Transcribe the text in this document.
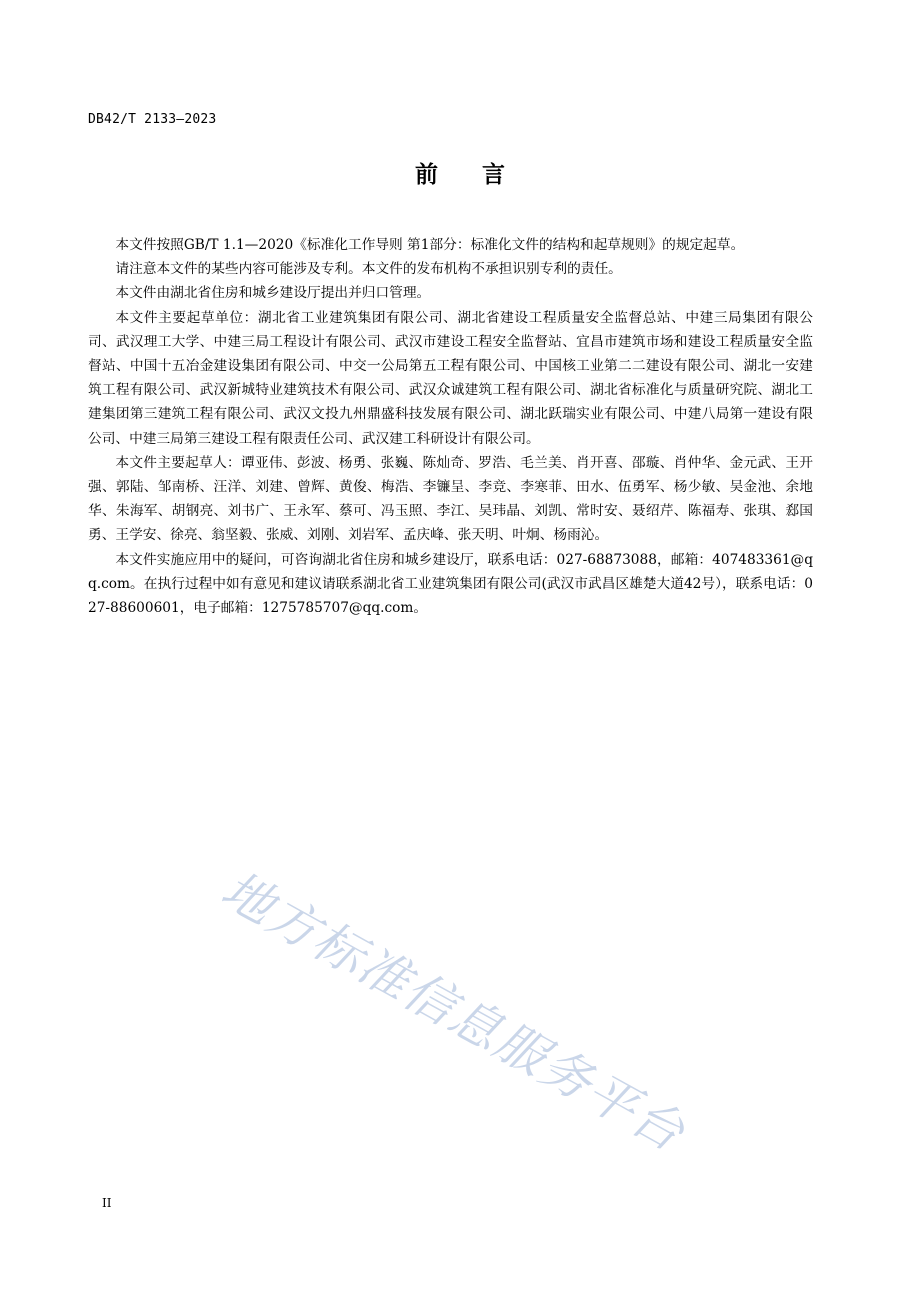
DB42/T 2133—2023
前言

本文件按照GB/T 1.1—2020《标准化工作导则 第1部分：标准化文件的结构和起草规则》的规定起草。

请注意本文件的某些内容可能涉及专利。本文件的发布机构不承担识别专利的责任。

本文件由湖北省住房和城乡建设厅提出并归口管理。

本文件主要起草单位：湖北省工业建筑集团有限公司、湖北省建设工程质量安全监督总站、中建三局集团有限公司、武汉理工大学、中建三局工程设计有限公司、武汉市建设工程安全监督站、宜昌市建筑市场和建设工程质量安全监督站、中国十五冶金建设集团有限公司、中交一公局第五工程有限公司、中国核工业第二二建设有限公司、湖北一安建筑工程有限公司、武汉新城特业建筑技术有限公司、武汉众诚建筑工程有限公司、湖北省标准化与质量研究院、湖北工建集团第三建筑工程有限公司、武汉文投九州鼎盛科技发展有限公司、湖北跃瑞实业有限公司、中建八局第一建设有限公司、中建三局第三建设工程有限责任公司、武汉建工科研设计有限公司。

本文件主要起草人：谭亚伟、彭波、杨勇、张巍、陈灿奇、罗浩、毛兰美、肖开喜、邵璇、肖仲华、金元武、王开强、郭陆、邹南桥、汪洋、刘建、曾辉、黄俊、梅浩、李镰呈、李竞、李寒菲、田水、伍勇军、杨少敏、吴金池、余地华、朱海军、胡钢亮、刘书广、王永军、蔡可、冯玉照、李江、吴玮晶、刘凯、常时安、聂绍芹、陈福寿、张琪、郄国勇、王学安、徐亮、翁坚毅、张威、刘刚、刘岩军、孟庆峰、张天明、叶炯、杨雨沁。

本文件实施应用中的疑问，可咨询湖北省住房和城乡建设厅，联系电话：027-68873088，邮箱：407483361@qq.com。在执行过程中如有意见和建议请联系湖北省工业建筑集团有限公司(武汉市武昌区雄楚大道42号），联系电话：027-88600601，电子邮箱：1275785707@qq.com。

地方标准信息服务平台
II
